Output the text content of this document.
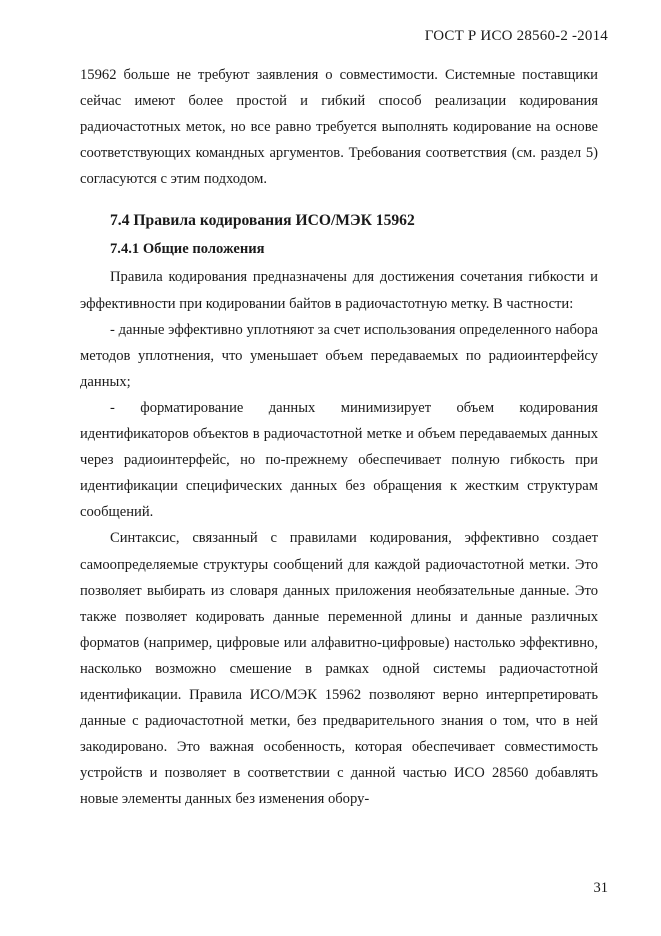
ГОСТ Р ИСО 28560-2 -2014

15962 больше не требуют заявления о совместимости. Системные поставщики сейчас имеют более простой и гибкий способ реализации кодирования радиочастотных меток, но все равно требуется выполнять кодирование на основе соответствующих командных аргументов. Требования соответствия (см. раздел 5) согласуются с этим подходом.

7.4 Правила кодирования ИСО/МЭК 15962
7.4.1 Общие положения

Правила кодирования предназначены для достижения сочетания гибкости и эффективности при кодировании байтов в радиочастотную метку. В частности:

- данные эффективно уплотняют за счет использования определенного набора методов уплотнения, что уменьшает объем передаваемых по радиоинтерфейсу данных;

- форматирование данных минимизирует объем кодирования идентификаторов объектов в радиочастотной метке и объем передаваемых данных через радиоинтерфейс, но по-прежнему обеспечивает полную гибкость при идентификации специфических данных без обращения к жестким структурам сообщений.

Синтаксис, связанный с правилами кодирования, эффективно создает самоопределяемые структуры сообщений для каждой радиочастотной метки. Это позволяет выбирать из словаря данных приложения необязательные данные. Это также позволяет кодировать данные переменной длины и данные различных форматов (например, цифровые или алфавитно-цифровые) настолько эффективно, насколько возможно смешение в рамках одной системы радиочастотной идентификации. Правила ИСО/МЭК 15962 позволяют верно интерпретировать данные с радиочастотной метки, без предварительного знания о том, что в ней закодировано. Это важная особенность, которая обеспечивает совместимость устройств и позволяет в соответствии с данной частью ИСО 28560 добавлять новые элементы данных без изменения обору-

31
